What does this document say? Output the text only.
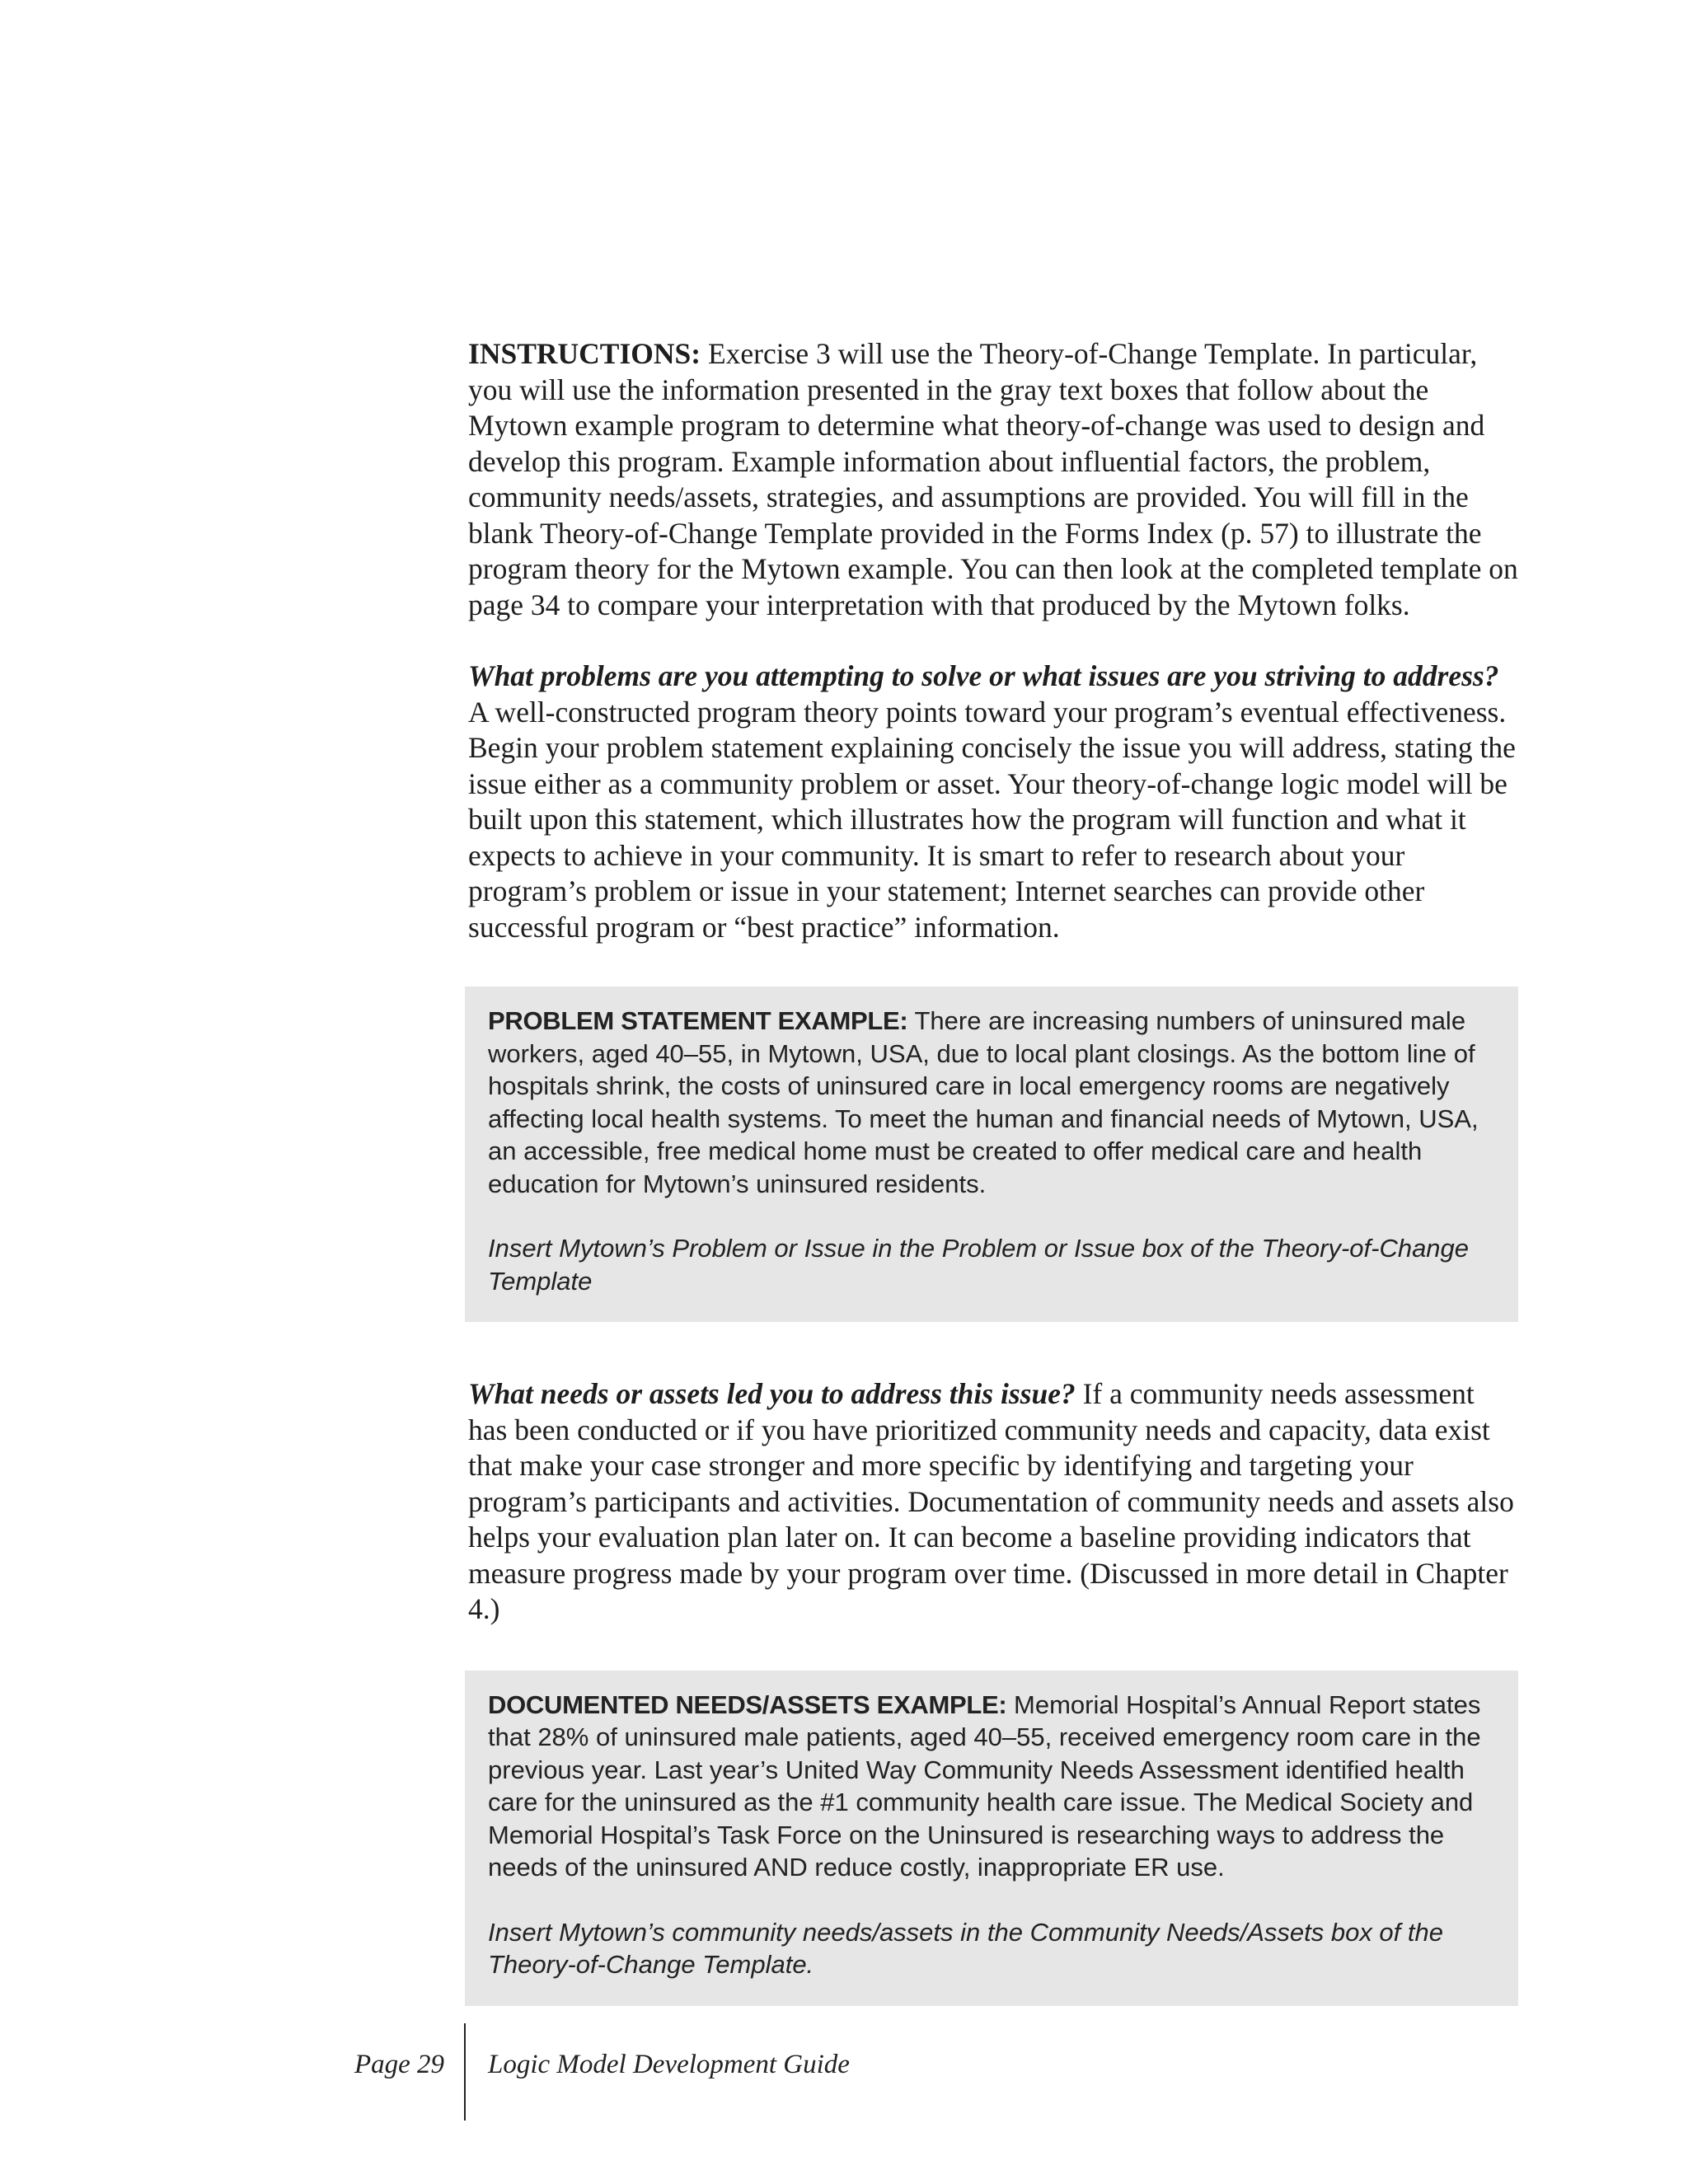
INSTRUCTIONS: Exercise 3 will use the Theory-of-Change Template. In particular, you will use the information presented in the gray text boxes that follow about the Mytown example program to determine what theory-of-change was used to design and develop this program. Example information about influential factors, the problem, community needs/assets, strategies, and assumptions are provided. You will fill in the blank Theory-of-Change Template provided in the Forms Index (p. 57) to illustrate the program theory for the Mytown example. You can then look at the completed template on page 34 to compare your interpretation with that produced by the Mytown folks.

What problems are you attempting to solve or what issues are you striving to address? A well-constructed program theory points toward your program’s eventual effectiveness. Begin your problem statement explaining concisely the issue you will address, stating the issue either as a community problem or asset. Your theory-of-change logic model will be built upon this statement, which illustrates how the program will function and what it expects to achieve in your community. It is smart to refer to research about your program’s problem or issue in your statement; Internet searches can provide other successful program or “best practice” information.

PROBLEM STATEMENT EXAMPLE: There are increasing numbers of uninsured male workers, aged 40–55, in Mytown, USA, due to local plant closings. As the bottom line of hospitals shrink, the costs of uninsured care in local emergency rooms are negatively affecting local health systems. To meet the human and financial needs of Mytown, USA, an accessible, free medical home must be created to offer medical care and health education for Mytown’s uninsured residents.

Insert Mytown’s Problem or Issue in the Problem or Issue box of the Theory-of-Change Template

What needs or assets led you to address this issue? If a community needs assessment has been conducted or if you have prioritized community needs and capacity, data exist that make your case stronger and more specific by identifying and targeting your program’s participants and activities. Documentation of community needs and assets also helps your evaluation plan later on. It can become a baseline providing indicators that measure progress made by your program over time. (Discussed in more detail in Chapter 4.)

DOCUMENTED NEEDS/ASSETS EXAMPLE: Memorial Hospital’s Annual Report states that 28% of uninsured male patients, aged 40–55, received emergency room care in the previous year. Last year’s United Way Community Needs Assessment identified health care for the uninsured as the #1 community health care issue. The Medical Society and Memorial Hospital’s Task Force on the Uninsured is researching ways to address the needs of the uninsured AND reduce costly, inappropriate ER use.

Insert Mytown’s community needs/assets in the Community Needs/Assets box of the Theory-of-Change Template.

Page 29 Logic Model Development Guide
